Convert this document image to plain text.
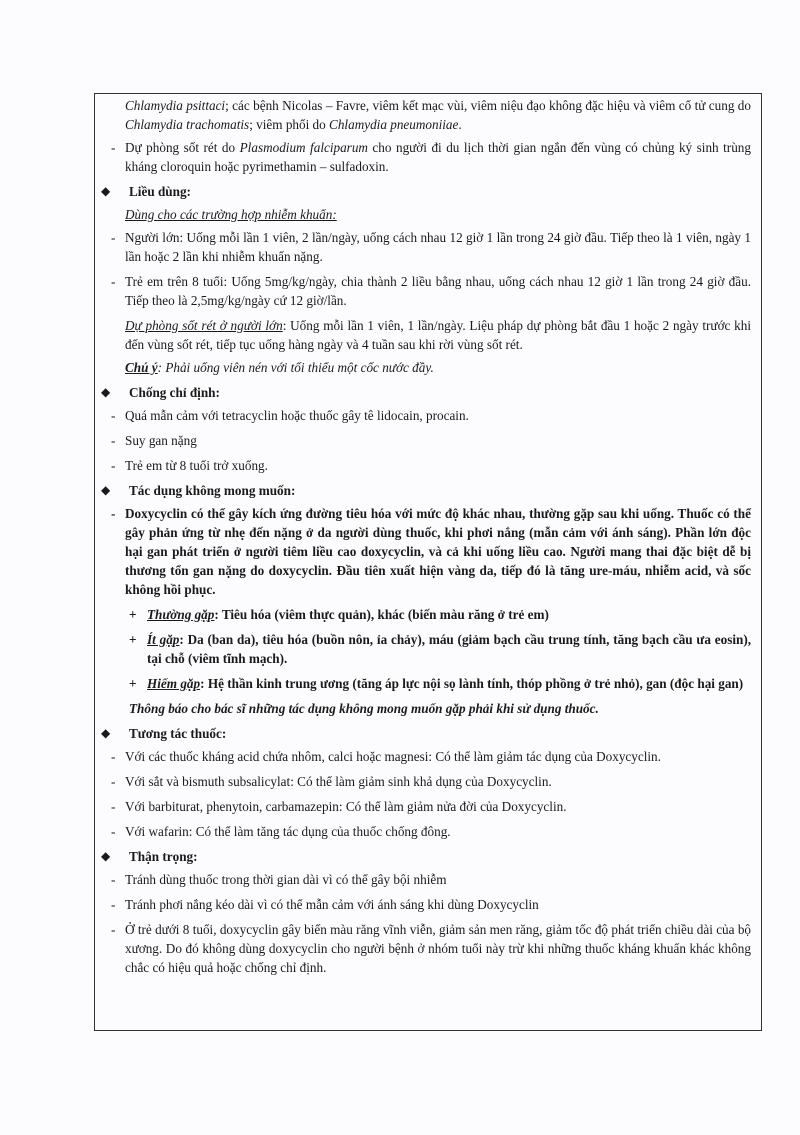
Chlamydia psittaci; các bệnh Nicolas – Favre, viêm kết mạc vùi, viêm niệu đạo không đặc hiệu và viêm cổ tử cung do Chlamydia trachomatis; viêm phổi do Chlamydia pneumoniiae.

- Dự phòng sốt rét do Plasmodium falciparum cho người đi du lịch thời gian ngắn đến vùng có chủng ký sinh trùng kháng cloroquin hoặc pyrimethamin – sulfadoxin.

◆ Liều dùng:

Dùng cho các trường hợp nhiễm khuẩn:

- Người lớn: Uống mỗi lần 1 viên, 2 lần/ngày, uống cách nhau 12 giờ 1 lần trong 24 giờ đầu. Tiếp theo là 1 viên, ngày 1 lần hoặc 2 lần khi nhiễm khuẩn nặng.

- Trẻ em trên 8 tuổi: Uống 5mg/kg/ngày, chia thành 2 liều bằng nhau, uống cách nhau 12 giờ 1 lần trong 24 giờ đầu. Tiếp theo là 2,5mg/kg/ngày cứ 12 giờ/lần.

Dự phòng sốt rét ở người lớn: Uống mỗi lần 1 viên, 1 lần/ngày. Liệu pháp dự phòng bắt đầu 1 hoặc 2 ngày trước khi đến vùng sốt rét, tiếp tục uống hàng ngày và 4 tuần sau khi rời vùng sốt rét.

Chú ý: Phải uống viên nén với tối thiểu một cốc nước đầy.

◆ Chống chỉ định:

- Quá mẫn cảm với tetracyclin hoặc thuốc gây tê lidocain, procain.

- Suy gan nặng

- Trẻ em từ 8 tuổi trở xuống.

◆ Tác dụng không mong muốn:

- Doxycyclin có thể gây kích ứng đường tiêu hóa với mức độ khác nhau, thường gặp sau khi uống. Thuốc có thể gây phản ứng từ nhẹ đến nặng ở da người dùng thuốc, khi phơi nắng (mẫn cảm với ánh sáng). Phần lớn độc hại gan phát triển ở người tiêm liều cao doxycyclin, và cả khi uống liều cao. Người mang thai đặc biệt dễ bị thương tổn gan nặng do doxycyclin. Đầu tiên xuất hiện vàng da, tiếp đó là tăng ure-máu, nhiễm acid, và sốc không hồi phục.

+ Thường gặp: Tiêu hóa (viêm thực quản), khác (biến màu răng ở trẻ em)

+ Ít gặp: Da (ban da), tiêu hóa (buồn nôn, ỉa chảy), máu (giảm bạch cầu trung tính, tăng bạch cầu ưa eosin), tại chỗ (viêm tĩnh mạch).

+ Hiếm gặp: Hệ thần kinh trung ương (tăng áp lực nội sọ lành tính, thóp phồng ở trẻ nhỏ), gan (độc hại gan)

Thông báo cho bác sĩ những tác dụng không mong muốn gặp phải khi sử dụng thuốc.

◆ Tương tác thuốc:

- Với các thuốc kháng acid chứa nhôm, calci hoặc magnesi: Có thể làm giảm tác dụng của Doxycyclin.

- Với sắt và bismuth subsalicylat: Có thể làm giảm sinh khả dụng của Doxycyclin.

- Với barbiturat, phenytoin, carbamazepin: Có thể làm giảm nửa đời của Doxycyclin.

- Với wafarin: Có thể làm tăng tác dụng của thuốc chống đông.

◆ Thận trọng:

- Tránh dùng thuốc trong thời gian dài vì có thể gây bội nhiễm

- Tránh phơi nắng kéo dài vì có thể mẫn cảm với ánh sáng khi dùng Doxycyclin

- Ở trẻ dưới 8 tuổi, doxycyclin gây biến màu răng vĩnh viễn, giảm sản men răng, giảm tốc độ phát triển chiều dài của bộ xương. Do đó không dùng doxycyclin cho người bệnh ở nhóm tuổi này trừ khi những thuốc kháng khuẩn khác không chắc có hiệu quả hoặc chống chỉ định.
